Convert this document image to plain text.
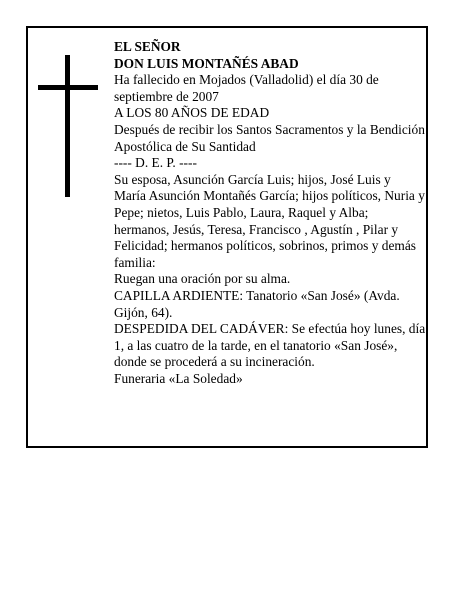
EL SEÑOR

DON LUIS MONTAÑÉS ABAD

Ha fallecido en Mojados (Valladolid) el día 30 de septiembre de 2007

A LOS 80 AÑOS DE EDAD

Después de recibir los Santos Sacramentos y la Bendición Apostólica de Su Santidad

---- D. E. P. ----

Su esposa, Asunción García Luis; hijos, José Luis y María Asunción Montañés García; hijos políticos, Nuria y Pepe; nietos, Luis Pablo, Laura, Raquel y Alba; hermanos, Jesús, Teresa, Francisco , Agustín , Pilar y Felicidad; hermanos políticos, sobrinos, primos y demás familia:

Ruegan una oración por su alma.

CAPILLA ARDIENTE: Tanatorio «San José» (Avda. Gijón, 64).

DESPEDIDA DEL CADÁVER: Se efectúa hoy lunes, día 1, a las cuatro de la tarde, en el tanatorio «San José», donde se procederá a su incineración.

Funeraria «La Soledad»
